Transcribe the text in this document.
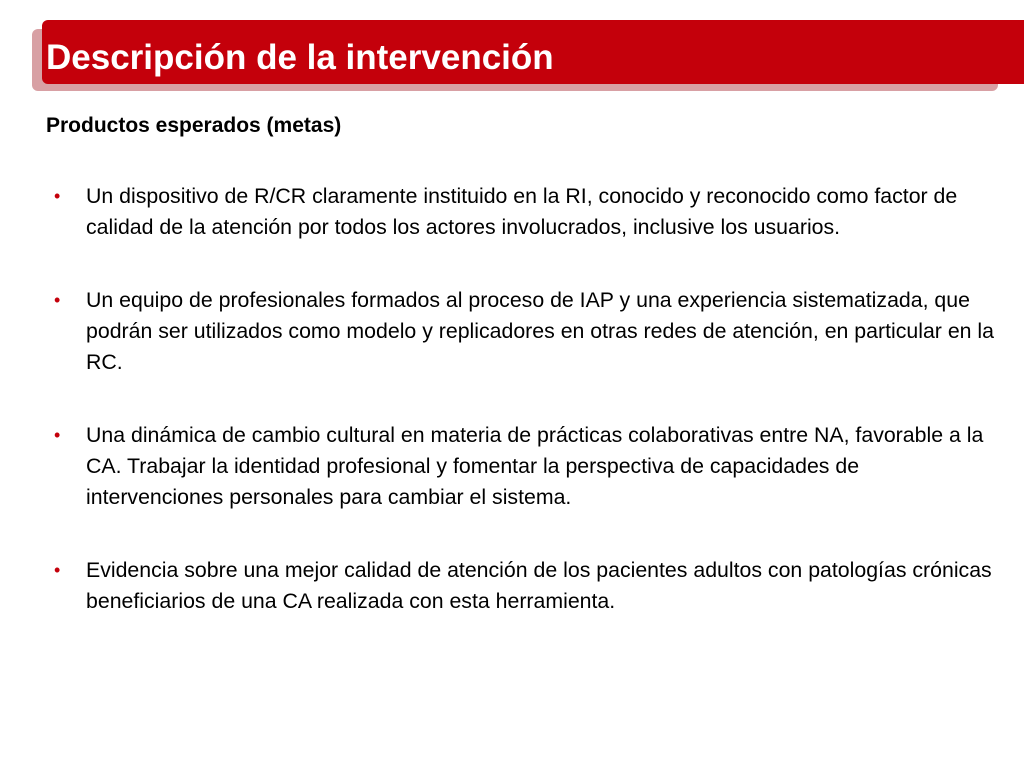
Descripción de la intervención
Productos esperados (metas)
• Un dispositivo de R/CR claramente instituido en la RI, conocido y reconocido como factor de calidad de la atención por todos los actores involucrados, inclusive los usuarios.
• Un equipo de profesionales formados al proceso de IAP y una experiencia sistematizada, que podrán ser utilizados como modelo y replicadores en otras redes de atención, en particular en la RC.
• Una dinámica de cambio cultural en materia de prácticas colaborativas entre NA, favorable a la CA. Trabajar la identidad profesional y fomentar la perspectiva de capacidades de intervenciones personales para cambiar el sistema.
• Evidencia sobre una mejor calidad de atención de los pacientes adultos con patologías crónicas beneficiarios de una CA realizada con esta herramienta.
